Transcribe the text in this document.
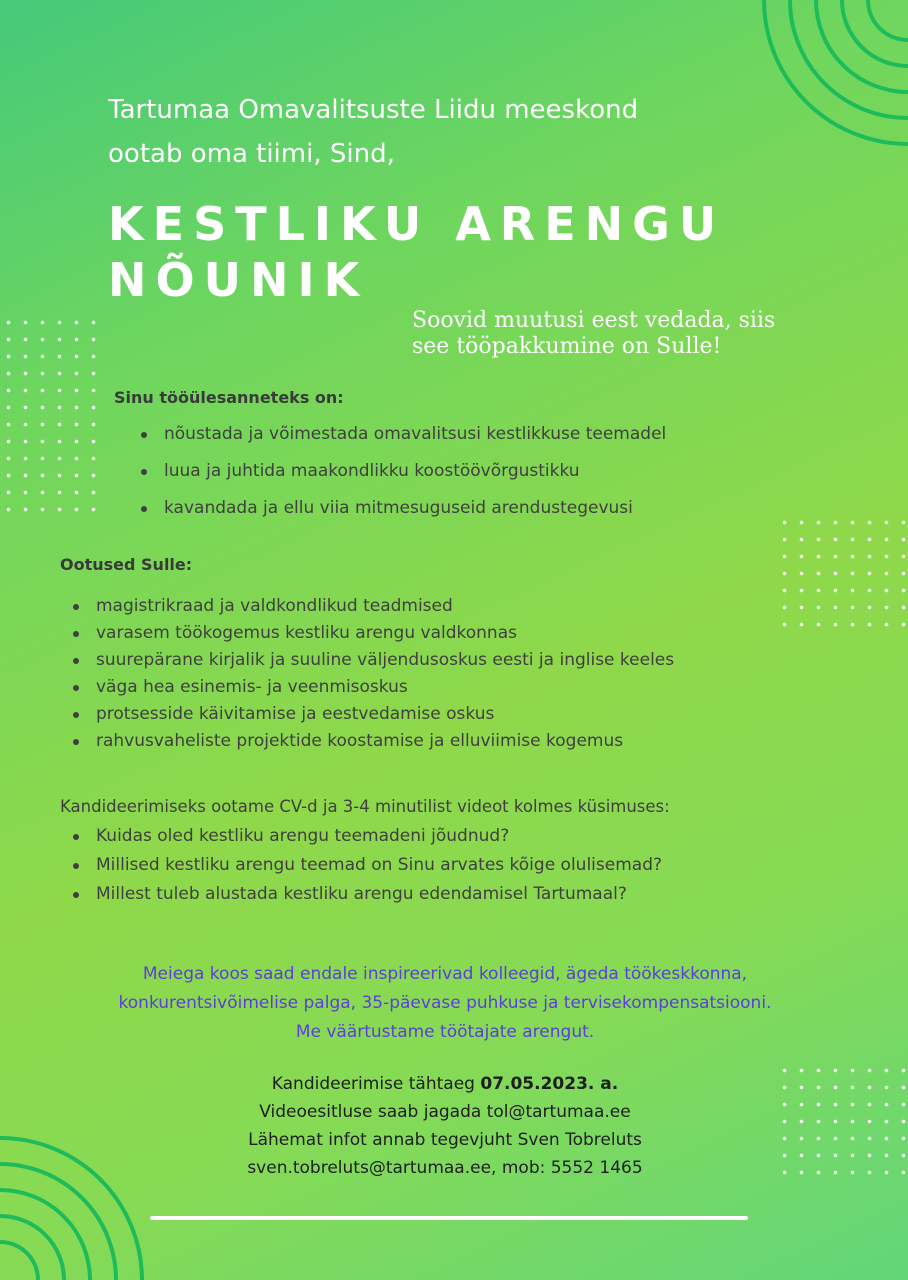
Tartumaa Omavalitsuste Liidu meeskond
ootab oma tiimi, Sind,
KESTLIKU ARENGU
NÕUNIK
Soovid muutusi eest vedada, siis
see tööpakkumine on Sulle!
Sinu tööülesanneteks on:
nõustada ja võimestada omavalitsusi kestlikkuse teemadel
luua ja juhtida maakondlikku koostöövõrgustikku
kavandada ja ellu viia mitmesuguseid arendustegevusi
Ootused Sulle:
magistrikraad ja valdkondlikud teadmised
varasem töökogemus kestliku arengu valdkonnas
suurepärane kirjalik ja suuline väljendusoskus eesti ja inglise keeles
väga hea esinemis- ja veenmisoskus
protsesside käivitamise ja eestvedamise oskus
rahvusvaheliste projektide koostamise ja elluviimise kogemus
Kandideerimiseks ootame CV-d ja 3-4 minutilist videot kolmes küsimuses:
Kuidas oled kestliku arengu teemadeni jõudnud?
Millised kestliku arengu teemad on Sinu arvates kõige olulisemad?
Millest tuleb alustada kestliku arengu edendamisel Tartumaal?
Meiega koos saad endale inspireerivad kolleegid, ägeda töökeskkonna,
konkurentsivõimelise palga, 35-päevase puhkuse ja tervisekompensatsiooni.
Me väärtustame töötajate arengut.
Kandideerimise tähtaeg 07.05.2023. a.
Videoesitluse saab jagada tol@tartumaa.ee
Lähemat infot annab tegevjuht Sven Tobreluts
sven.tobreluts@tartumaa.ee, mob: 5552 1465
